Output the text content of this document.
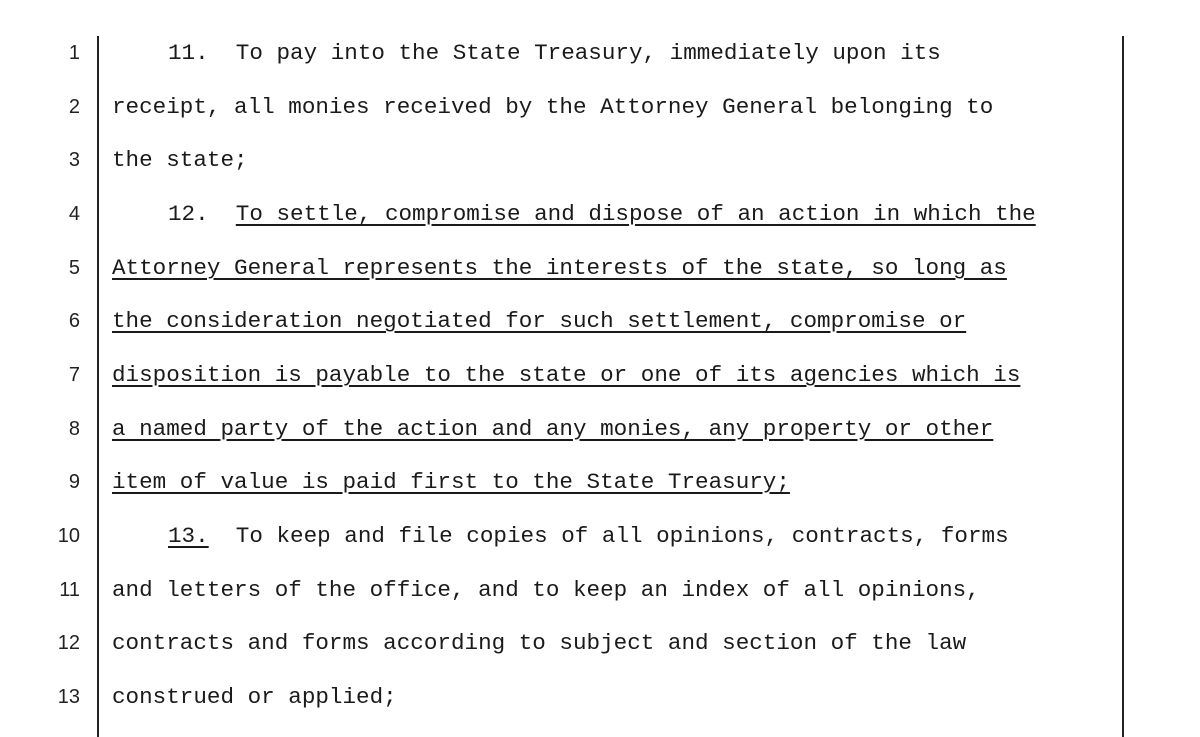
1	11.  To pay into the State Treasury, immediately upon its
2 receipt, all monies received by the Attorney General belonging to
3 the state;
4	12.  To settle, compromise and dispose of an action in which the
5 Attorney General represents the interests of the state, so long as
6 the consideration negotiated for such settlement, compromise or
7 disposition is payable to the state or one of its agencies which is
8 a named party of the action and any monies, any property or other
9 item of value is paid first to the State Treasury;
10	13.  To keep and file copies of all opinions, contracts, forms
11 and letters of the office, and to keep an index of all opinions,
12 contracts and forms according to subject and section of the law
13 construed or applied;
